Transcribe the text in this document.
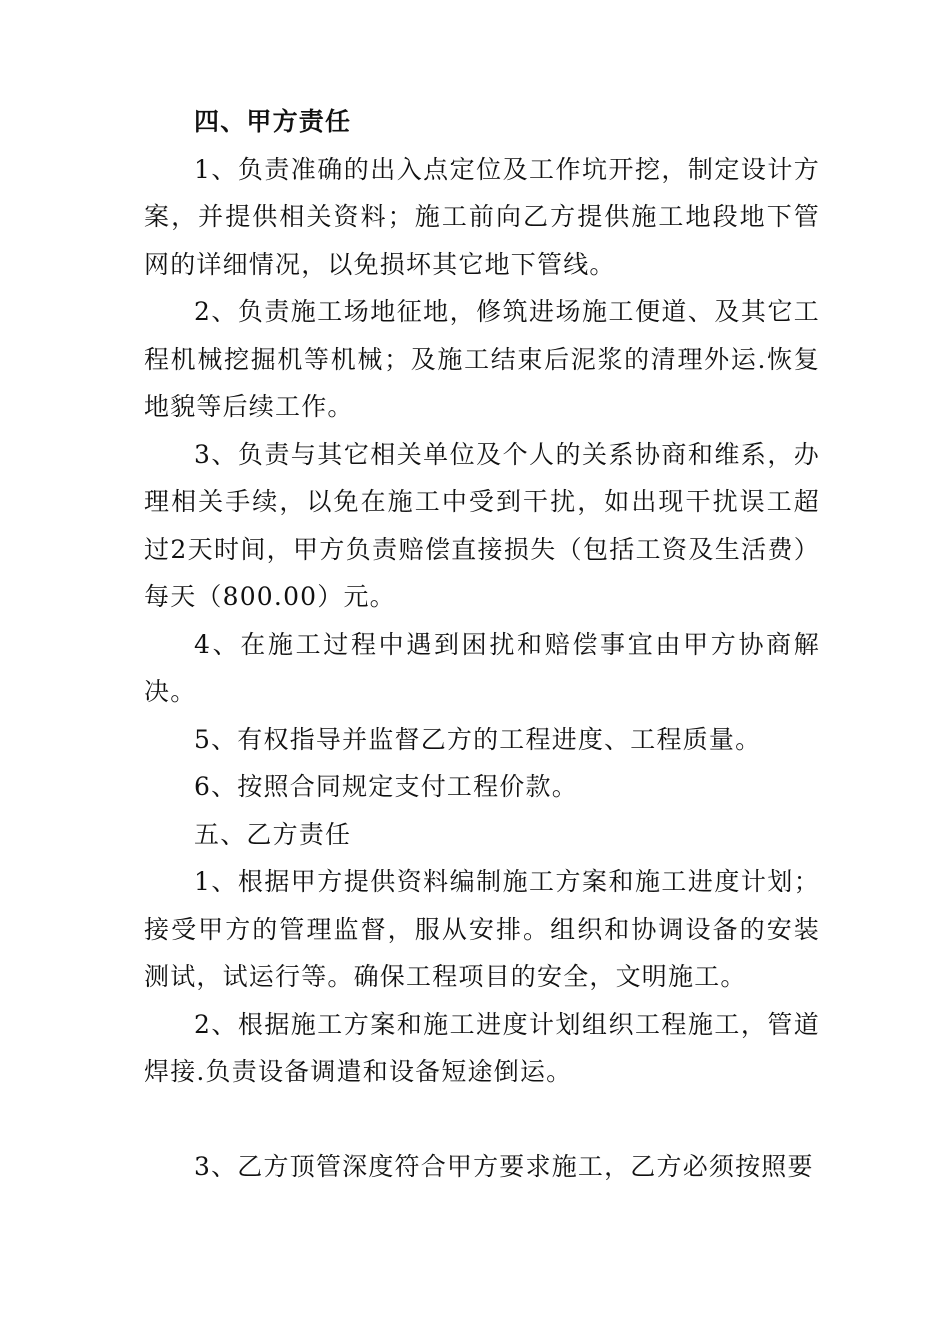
四、甲方责任

1、负责准确的出入点定位及工作坑开挖，制定设计方案，并提供相关资料；施工前向乙方提供施工地段地下管网的详细情况，以免损坏其它地下管线。

2、负责施工场地征地，修筑进场施工便道、及其它工程机械挖掘机等机械；及施工结束后泥浆的清理外运.恢复地貌等后续工作。

3、负责与其它相关单位及个人的关系协商和维系，办理相关手续，以免在施工中受到干扰，如出现干扰误工超过2天时间，甲方负责赔偿直接损失（包括工资及生活费）每天（800.00）元。

4、在施工过程中遇到困扰和赔偿事宜由甲方协商解决。

5、有权指导并监督乙方的工程进度、工程质量。

6、按照合同规定支付工程价款。

五、乙方责任

1、根据甲方提供资料编制施工方案和施工进度计划；接受甲方的管理监督，服从安排。组织和协调设备的安装测试，试运行等。确保工程项目的安全，文明施工。

2、根据施工方案和施工进度计划组织工程施工，管道焊接.负责设备调遣和设备短途倒运。

3、乙方顶管深度符合甲方要求施工，乙方必须按照要
